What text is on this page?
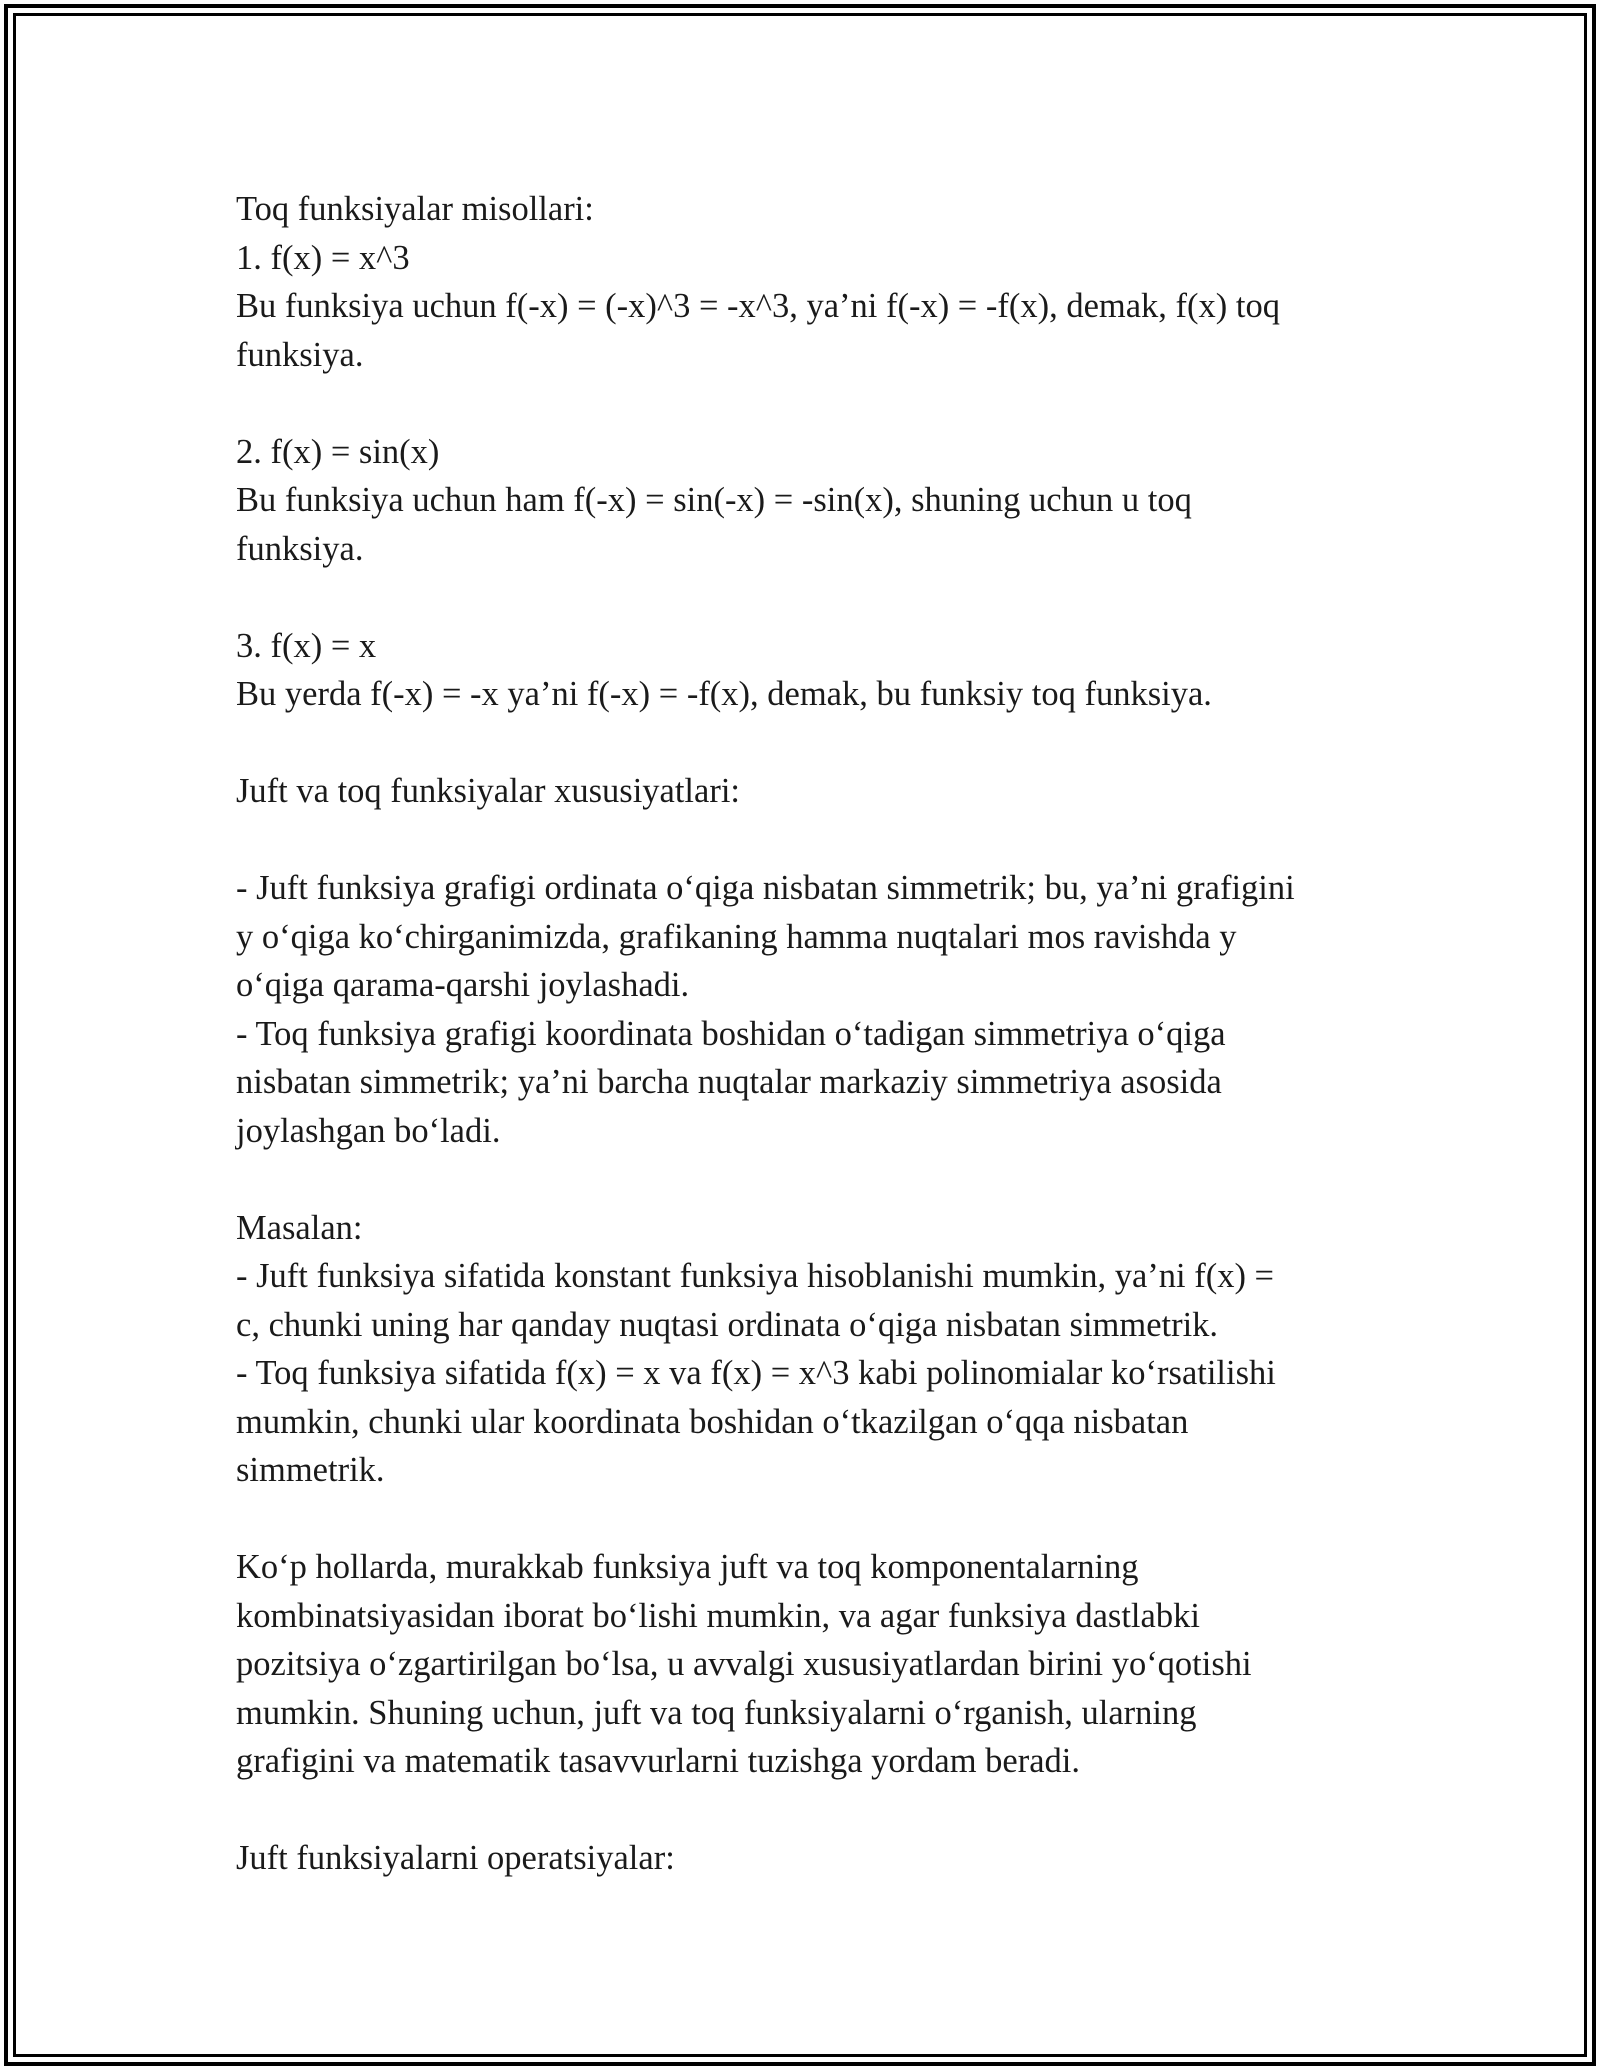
Toq funksiyalar misollari:
1. f(x) = x^3
Bu funksiya uchun f(-x) = (-x)^3 = -x^3, ya’ni f(-x) = -f(x), demak, f(x) toq
funksiya.

2. f(x) = sin(x)
Bu funksiya uchun ham f(-x) = sin(-x) = -sin(x), shuning uchun u toq
funksiya.

3. f(x) = x
Bu yerda f(-x) = -x ya’ni f(-x) = -f(x), demak, bu funksiy toq funksiya.

Juft va toq funksiyalar xususiyatlari:

- Juft funksiya grafigi ordinata o‘qiga nisbatan simmetrik; bu, ya’ni grafigini
y o‘qiga ko‘chirganimizda, grafikaning hamma nuqtalari mos ravishda y
o‘qiga qarama-qarshi joylashadi.
- Toq funksiya grafigi koordinata boshidan o‘tadigan simmetriya o‘qiga
nisbatan simmetrik; ya’ni barcha nuqtalar markaziy simmetriya asosida
joylashgan bo‘ladi.

Masalan:
- Juft funksiya sifatida konstant funksiya hisoblanishi mumkin, ya’ni f(x) =
c, chunki uning har qanday nuqtasi ordinata o‘qiga nisbatan simmetrik.
- Toq funksiya sifatida f(x) = x va f(x) = x^3 kabi polinomialar ko‘rsatilishi
mumkin, chunki ular koordinata boshidan o‘tkazilgan o‘qqa nisbatan
simmetrik.

Ko‘p hollarda, murakkab funksiya juft va toq komponentalarning
kombinatsiyasidan iborat bo‘lishi mumkin, va agar funksiya dastlabki
pozitsiya o‘zgartirilgan bo‘lsa, u avvalgi xususiyatlardan birini yo‘qotishi
mumkin. Shuning uchun, juft va toq funksiyalarni o‘rganish, ularning
grafigini va matematik tasavvurlarni tuzishga yordam beradi.

Juft funksiyalarni operatsiyalar:
